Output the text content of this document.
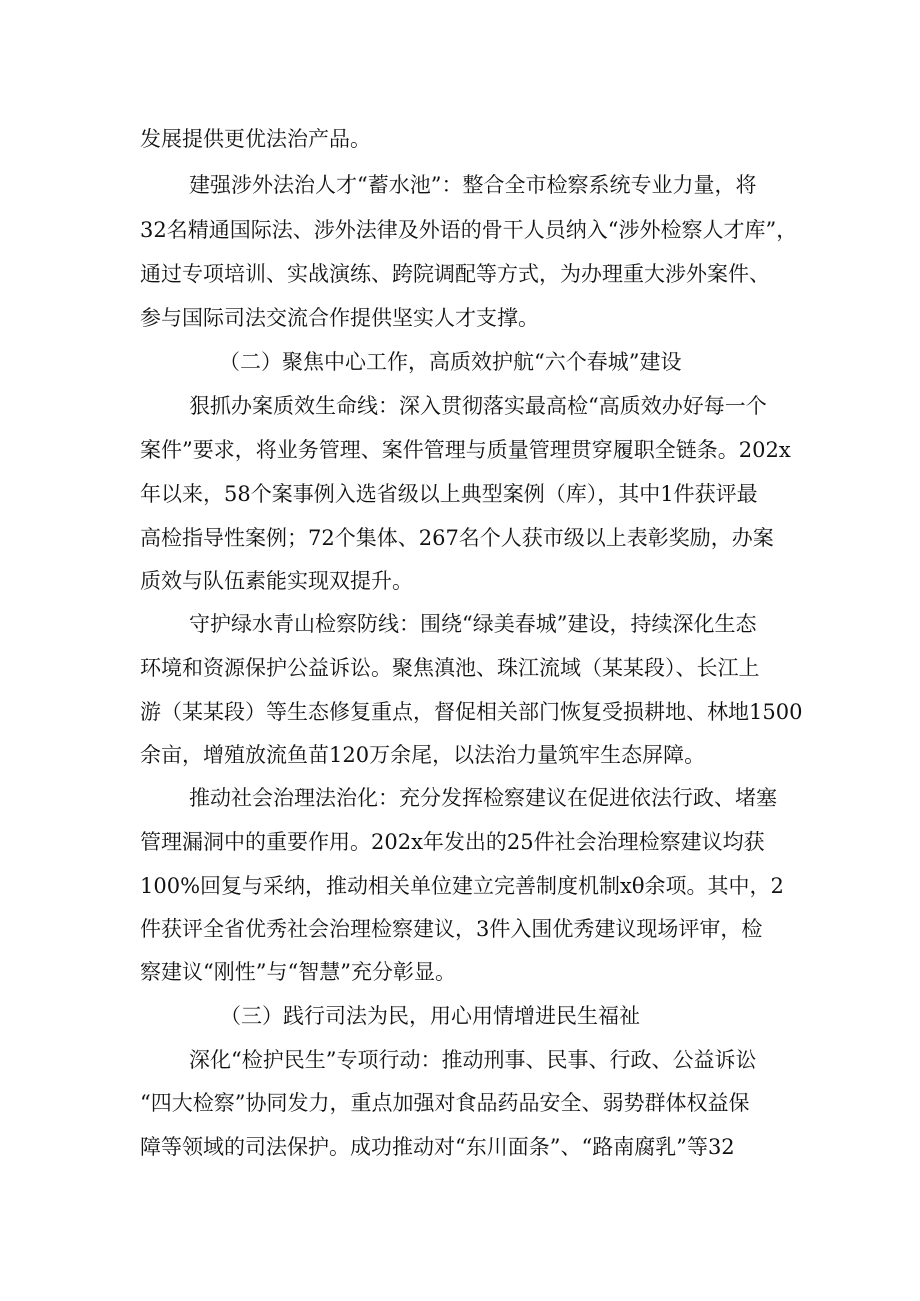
发展提供更优法治产品。
建强涉外法治人才“蓄水池”：整合全市检察系统专业力量，将
32名精通国际法、涉外法律及外语的骨干人员纳入“涉外检察人才库”，
通过专项培训、实战演练、跨院调配等方式，为办理重大涉外案件、
参与国际司法交流合作提供坚实人才支撑。
（二）聚焦中心工作，高质效护航“六个春城”建设
狠抓办案质效生命线：深入贯彻落实最高检“高质效办好每一个
案件”要求，将业务管理、案件管理与质量管理贯穿履职全链条。202x
年以来，58个案事例入选省级以上典型案例（库），其中1件获评最
高检指导性案例；72个集体、267名个人获市级以上表彰奖励，办案
质效与队伍素能实现双提升。
守护绿水青山检察防线：围绕“绿美春城”建设，持续深化生态
环境和资源保护公益诉讼。聚焦滇池、珠江流域（某某段）、长江上
游（某某段）等生态修复重点，督促相关部门恢复受损耕地、林地1500
余亩，增殖放流鱼苗120万余尾，以法治力量筑牢生态屏障。
推动社会治理法治化：充分发挥检察建议在促进依法行政、堵塞
管理漏洞中的重要作用。202x年发出的25件社会治理检察建议均获
100%回复与采纳，推动相关单位建立完善制度机制xθ余项。其中，2
件获评全省优秀社会治理检察建议，3件入围优秀建议现场评审，检
察建议“刚性”与“智慧”充分彰显。
（三）践行司法为民，用心用情增进民生福祉
深化“检护民生”专项行动：推动刑事、民事、行政、公益诉讼
“四大检察”协同发力，重点加强对食品药品安全、弱势群体权益保
障等领域的司法保护。成功推动对“东川面条”、“路南腐乳”等32
